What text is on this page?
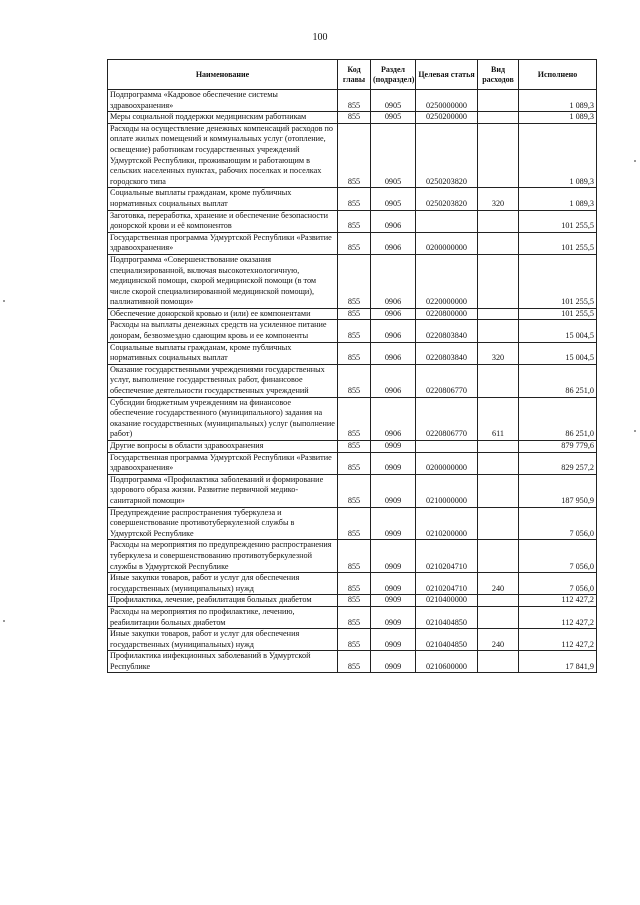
100
Наименование	Код главы	Раздел (подраздел)	Целевая статья	Вид расходов	Исполнено
Подпрограмма «Кадровое обеспечение системы здравоохранения»	855	0905	0250000000		1 089,3
Меры социальной поддержки медицинским работникам	855	0905	0250200000		1 089,3
Расходы на осуществление денежных компенсаций расходов по оплате жилых помещений и коммунальных услуг (отопление, освещение) работникам государственных учреждений Удмуртской Республики, проживающим и работающим в сельских населенных пунктах, рабочих поселках и поселках городского типа	855	0905	0250203820		1 089,3
Социальные выплаты гражданам, кроме публичных нормативных социальных выплат	855	0905	0250203820	320	1 089,3
Заготовка, переработка, хранение и обеспечение безопасности донорской крови и её компонентов	855	0906			101 255,5
Государственная программа Удмуртской Республики «Развитие здравоохранения»	855	0906	0200000000		101 255,5
Подпрограмма «Совершенствование оказания специализированной, включая высокотехнологичную, медицинской помощи, скорой медицинской помощи (в том числе скорой специализированной медицинской помощи), паллиативной помощи»	855	0906	0220000000		101 255,5
Обеспечение донорской кровью и (или) ее компонентами	855	0906	0220800000		101 255,5
Расходы на выплаты денежных средств на усиленное питание донорам, безвозмездно сдающим кровь и ее компоненты	855	0906	0220803840		15 004,5
Социальные выплаты гражданам, кроме публичных нормативных социальных выплат	855	0906	0220803840	320	15 004,5
Оказание государственными учреждениями государственных услуг, выполнение государственных работ, финансовое обеспечение деятельности государственных учреждений	855	0906	0220806770		86 251,0
Субсидии бюджетным учреждениям на финансовое обеспечение государственного (муниципального) задания на оказание государственных (муниципальных) услуг (выполнение работ)	855	0906	0220806770	611	86 251,0
Другие вопросы в области здравоохранения	855	0909			879 779,6
Государственная программа Удмуртской Республики «Развитие здравоохранения»	855	0909	0200000000		829 257,2
Подпрограмма «Профилактика заболеваний и формирование здорового образа жизни. Развитие первичной медико-санитарной помощи»	855	0909	0210000000		187 950,9
Предупреждение распространения туберкулеза и совершенствование противотуберкулезной службы в Удмуртской Республике	855	0909	0210200000		7 056,0
Расходы на мероприятия по предупреждению распространения туберкулеза и совершенствованию противотуберкулезной службы в Удмуртской Республике	855	0909	0210204710		7 056,0
Иные закупки товаров, работ и услуг для обеспечения государственных (муниципальных) нужд	855	0909	0210204710	240	7 056,0
Профилактика, лечение, реабилитация больных диабетом	855	0909	0210400000		112 427,2
Расходы на мероприятия по профилактике, лечению, реабилитации больных диабетом	855	0909	0210404850		112 427,2
Иные закупки товаров, работ и услуг для обеспечения государственных (муниципальных) нужд	855	0909	0210404850	240	112 427,2
Профилактика инфекционных заболеваний в Удмуртской Республике	855	0909	0210600000		17 841,9
